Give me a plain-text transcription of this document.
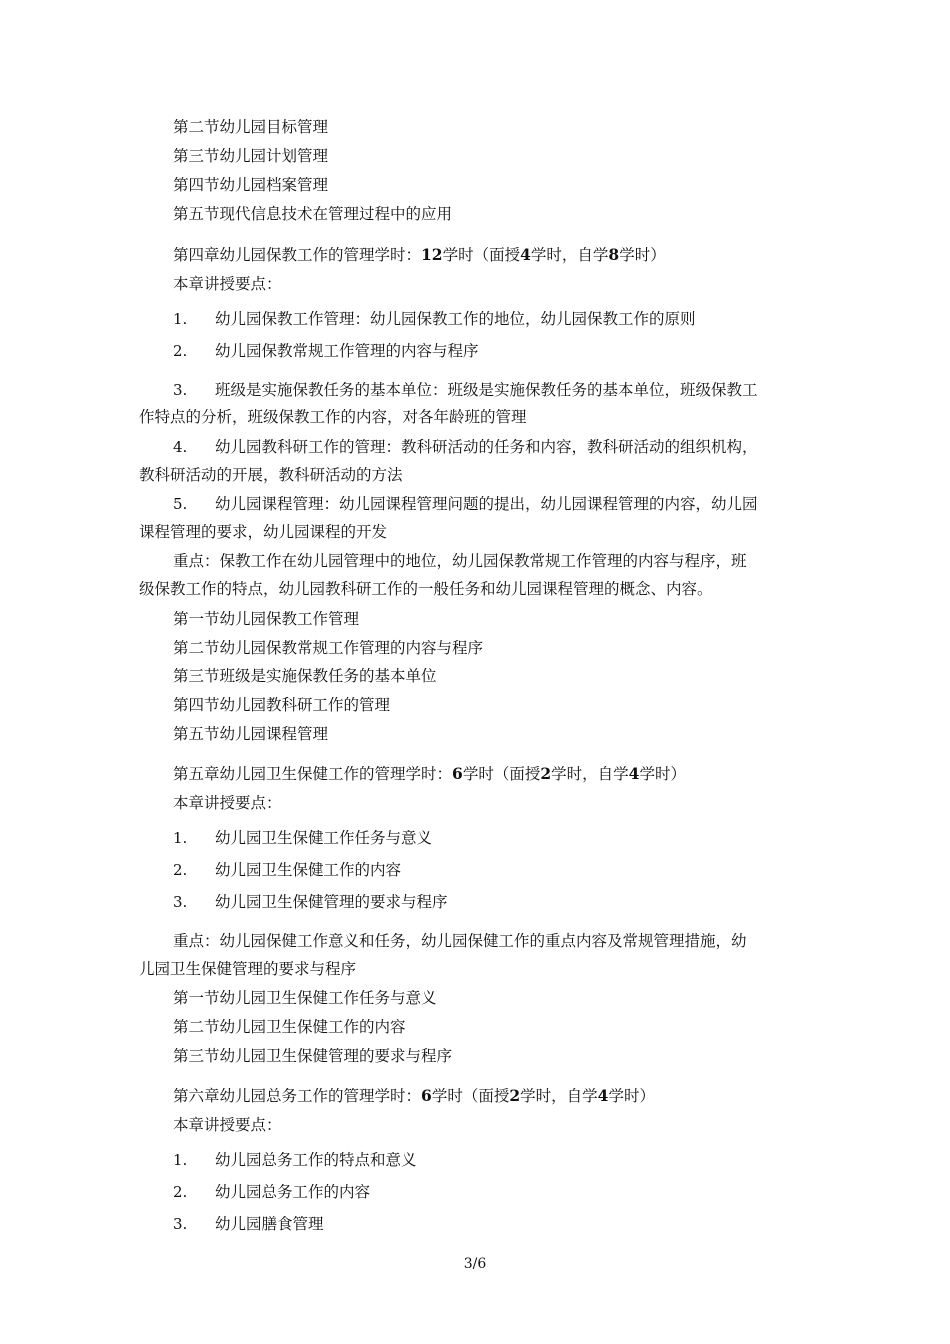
第二节幼儿园目标管理
第三节幼儿园计划管理
第四节幼儿园档案管理
第五节现代信息技术在管理过程中的应用
第四章幼儿园保教工作的管理学时：12学时（面授4学时，自学8学时）
本章讲授要点：
1. 幼儿园保教工作管理：幼儿园保教工作的地位，幼儿园保教工作的原则
2. 幼儿园保教常规工作管理的内容与程序
3. 班级是实施保教任务的基本单位：班级是实施保教任务的基本单位，班级保教工
作特点的分析，班级保教工作的内容，对各年龄班的管理
4. 幼儿园教科研工作的管理：教科研活动的任务和内容，教科研活动的组织机构，
教科研活动的开展，教科研活动的方法
5. 幼儿园课程管理：幼儿园课程管理问题的提出，幼儿园课程管理的内容，幼儿园
课程管理的要求，幼儿园课程的开发
重点：保教工作在幼儿园管理中的地位，幼儿园保教常规工作管理的内容与程序，班
级保教工作的特点，幼儿园教科研工作的一般任务和幼儿园课程管理的概念、内容。
第一节幼儿园保教工作管理
第二节幼儿园保教常规工作管理的内容与程序
第三节班级是实施保教任务的基本单位
第四节幼儿园教科研工作的管理
第五节幼儿园课程管理
第五章幼儿园卫生保健工作的管理学时：6学时（面授2学时，自学4学时）
本章讲授要点：
1. 幼儿园卫生保健工作任务与意义
2. 幼儿园卫生保健工作的内容
3. 幼儿园卫生保健管理的要求与程序
重点：幼儿园保健工作意义和任务，幼儿园保健工作的重点内容及常规管理措施，幼
儿园卫生保健管理的要求与程序
第一节幼儿园卫生保健工作任务与意义
第二节幼儿园卫生保健工作的内容
第三节幼儿园卫生保健管理的要求与程序
第六章幼儿园总务工作的管理学时：6学时（面授2学时，自学4学时）
本章讲授要点：
1. 幼儿园总务工作的特点和意义
2. 幼儿园总务工作的内容
3. 幼儿园膳食管理
3/6
